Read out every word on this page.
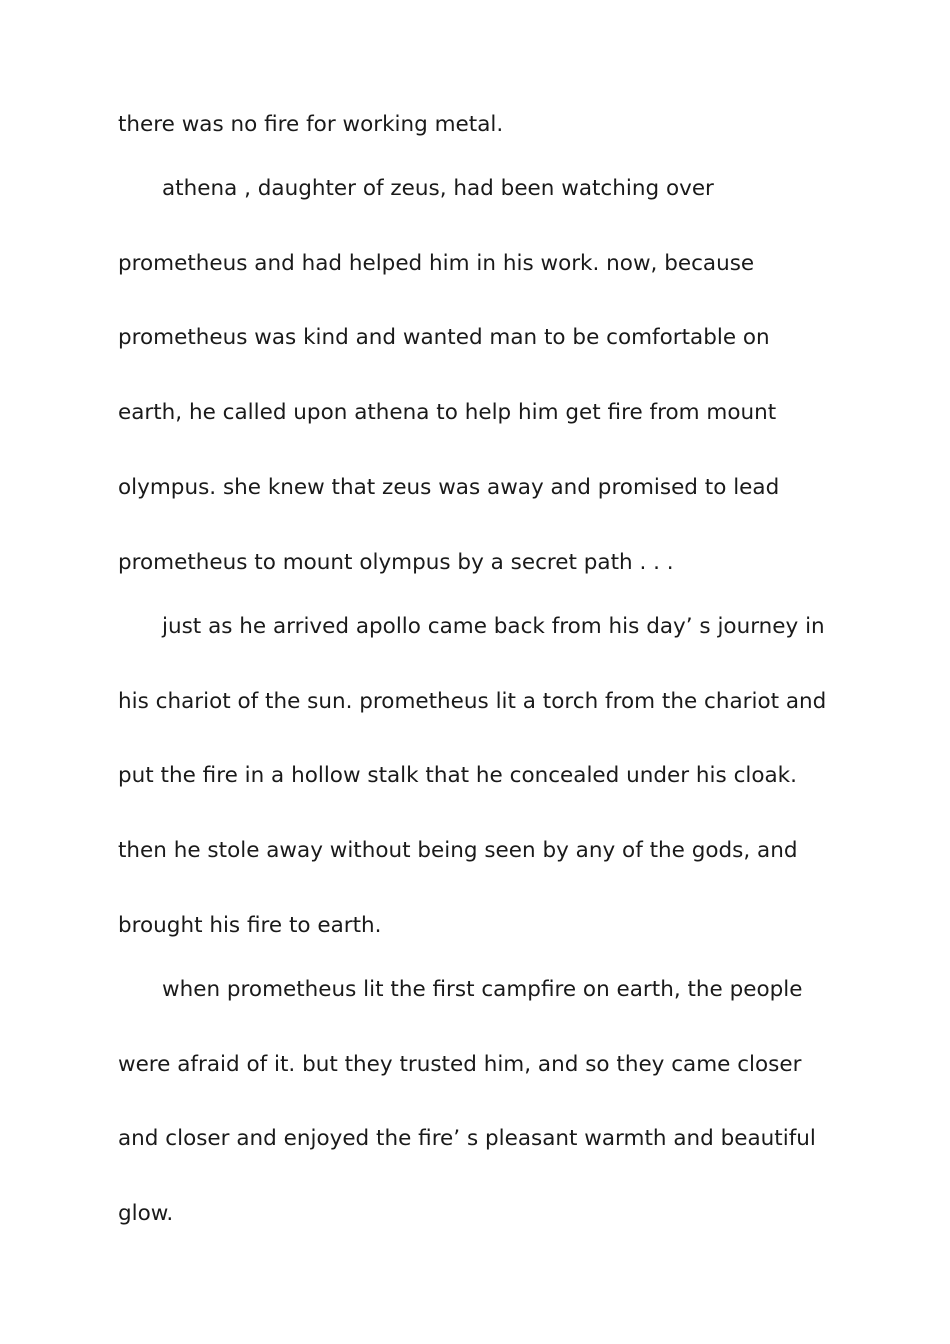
there was no fire for working metal.
athena , daughter of zeus, had been watching over
prometheus and had helped him in his work. now, because
prometheus was kind and wanted man to be comfortable on
earth, he called upon athena to help him get fire from mount
olympus. she knew that zeus was away and promised to lead
prometheus to mount olympus by a secret path . . .
just as he arrived apollo came back from his day’ s journey in
his chariot of the sun. prometheus lit a torch from the chariot and
put the fire in a hollow stalk that he concealed under his cloak.
then he stole away without being seen by any of the gods, and
brought his fire to earth.
when prometheus lit the first campfire on earth, the people
were afraid of it. but they trusted him, and so they came closer
and closer and enjoyed the fire’ s pleasant warmth and beautiful
glow.
